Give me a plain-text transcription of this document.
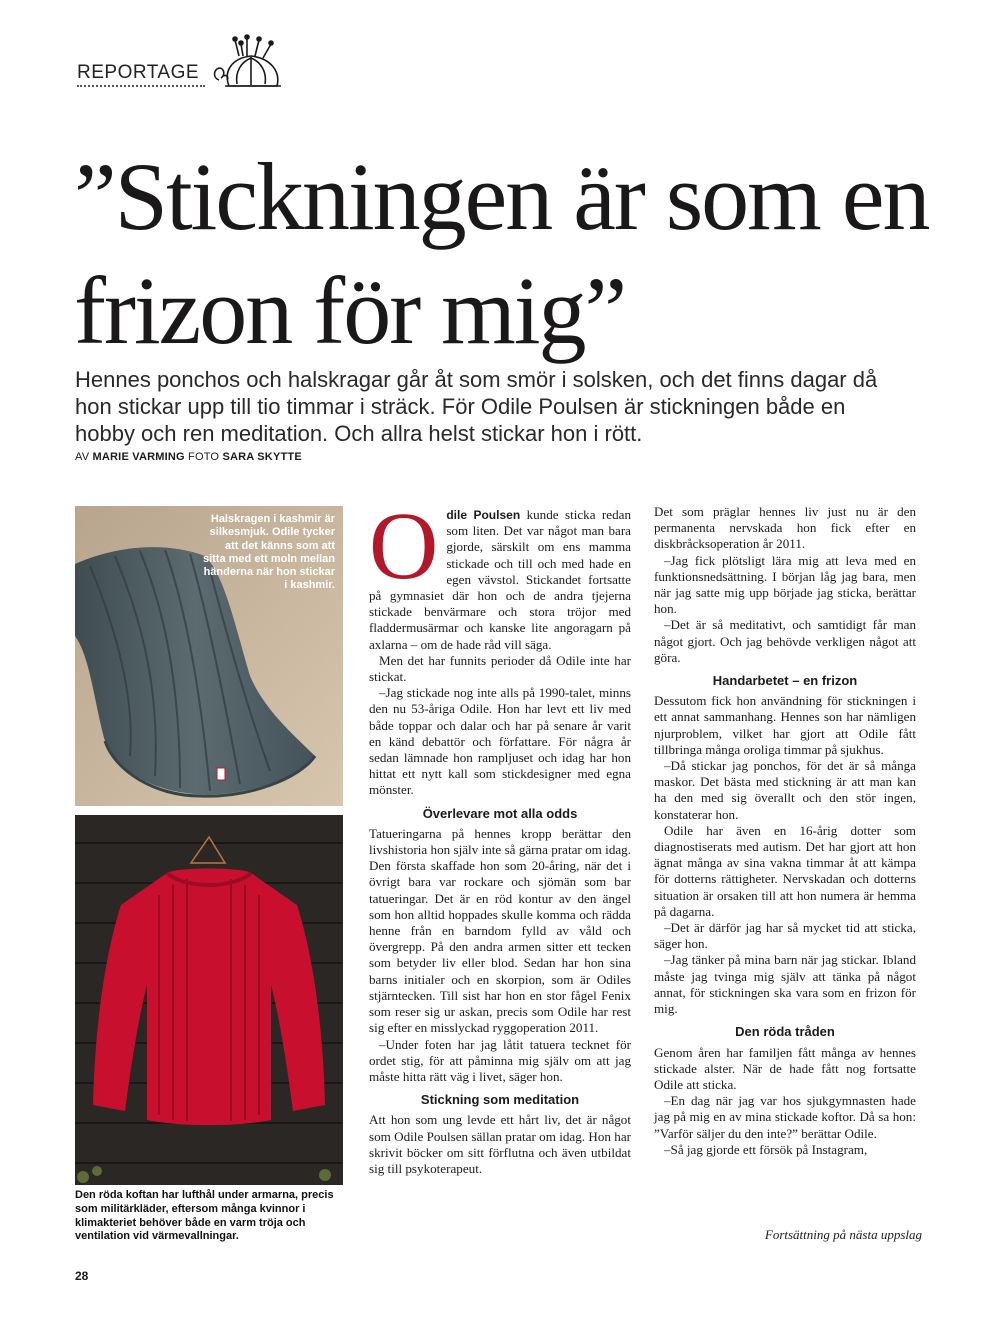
REPORTAGE
”Stickningen är som en frizon för mig”
Hennes ponchos och halskragar går åt som smör i solsken, och det finns dagar då hon stickar upp till tio timmar i sträck. För Odile Poulsen är stickningen både en hobby och ren meditation. Och allra helst stickar hon i rött.
AV MARIE VARMING FOTO SARA SKYTTE
Halskragen i kashmir är silkesmjuk. Odile tycker att det känns som att sitta med ett moln mellan händerna när hon stickar i kashmir.
Den röda koftan har lufthål under armarna, precis som militärkläder, eftersom många kvinnor i klimakteriet behöver både en varm tröja och ventilation vid värmevallningar.

Odile Poulsen kunde sticka redan som liten. Det var något man bara gjorde, särskilt om ens mamma stickade och till och med hade en egen vävstol. Stickandet fortsatte på gymnasiet där hon och de andra tjejerna stickade benvärmare och stora tröjor med fladdermusärmar och kanske lite angoragarn på axlarna – om de hade råd vill säga.

Men det har funnits perioder då Odile inte har stickat.

–Jag stickade nog inte alls på 1990-talet, minns den nu 53-åriga Odile. Hon har levt ett liv med både toppar och dalar och har på senare år varit en känd debattör och författare. För några år sedan lämnade hon rampljuset och idag har hon hittat ett nytt kall som stickdesigner med egna mönster.

Överlevare mot alla odds

Tatueringarna på hennes kropp berättar den livshistoria hon själv inte så gärna pratar om idag. Den första skaffade hon som 20-åring, när det i övrigt bara var rockare och sjömän som bar tatueringar. Det är en röd kontur av den ängel som hon alltid hoppades skulle komma och rädda henne från en barndom fylld av våld och övergrepp. På den andra armen sitter ett tecken som betyder liv eller blod. Sedan har hon sina barns initialer och en skorpion, som är Odiles stjärntecken. Till sist har hon en stor fågel Fenix som reser sig ur askan, precis som Odile har rest sig efter en misslyckad ryggoperation 2011.

–Under foten har jag låtit tatuera tecknet för ordet stig, för att påminna mig själv om att jag måste hitta rätt väg i livet, säger hon.

Stickning som meditation

Att hon som ung levde ett hårt liv, det är något som Odile Poulsen sällan pratar om idag. Hon har skrivit böcker om sitt förflutna och även utbildat sig till psykoterapeut.

Det som präglar hennes liv just nu är den permanenta nervskada hon fick efter en diskbråcksoperation år 2011.

–Jag fick plötsligt lära mig att leva med en funktionsnedsättning. I början låg jag bara, men när jag satte mig upp började jag sticka, berättar hon.

–Det är så meditativt, och samtidigt får man något gjort. Och jag behövde verkligen något att göra.

Handarbetet – en frizon

Dessutom fick hon användning för stickningen i ett annat sammanhang. Hennes son har nämligen njurproblem, vilket har gjort att Odile fått tillbringa många oroliga timmar på sjukhus.

–Då stickar jag ponchos, för det är så många maskor. Det bästa med stickning är att man kan ha den med sig överallt och den stör ingen, konstaterar hon.

Odile har även en 16-årig dotter som diagnostiserats med autism. Det har gjort att hon ägnat många av sina vakna timmar åt att kämpa för dotterns rättigheter. Nervskadan och dotterns situation är orsaken till att hon numera är hemma på dagarna.

–Det är därför jag har så mycket tid att sticka, säger hon.

–Jag tänker på mina barn när jag stickar. Ibland måste jag tvinga mig själv att tänka på något annat, för stickningen ska vara som en frizon för mig.

Den röda tråden

Genom åren har familjen fått många av hennes stickade alster. När de hade fått nog fortsatte Odile att sticka.

–En dag när jag var hos sjukgymnasten hade jag på mig en av mina stickade koftor. Då sa hon: ”Varför säljer du den inte?” berättar Odile.

–Så jag gjorde ett försök på Instagram,

Fortsättning på nästa uppslag
28
